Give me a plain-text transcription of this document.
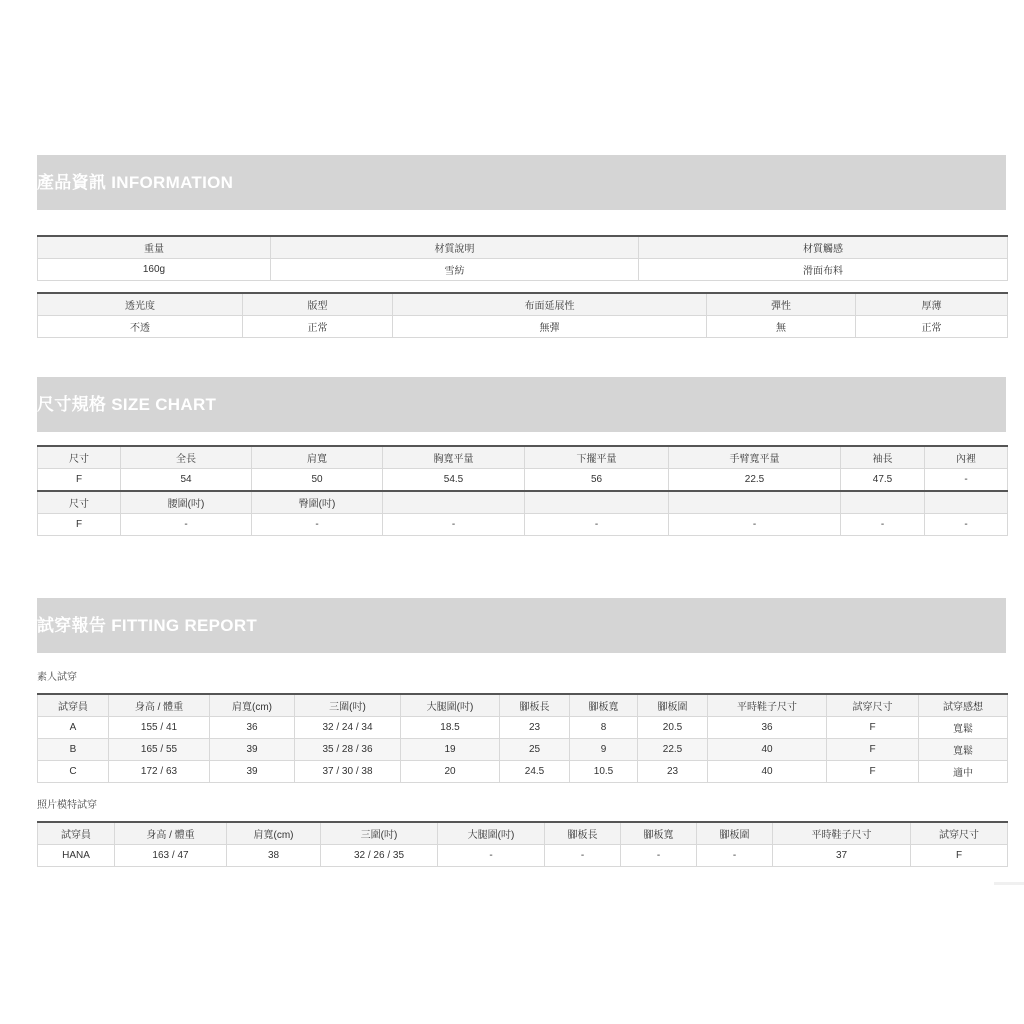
產品資訊 INFORMATION
重量	材質說明	材質觸感
160g	雪紡	滑面布料
透光度	版型	布面延展性	彈性	厚薄
不透	正常	無彈	無	正常
尺寸規格 SIZE CHART
尺寸	全長	肩寬	胸寬平量	下擺平量	手臂寬平量	袖長	內裡
F	54	50	54.5	56	22.5	47.5	-
尺寸	腰圍(吋)	臀圍(吋)					
F	-	-	-	-	-	-	-
試穿報告 FITTING REPORT
素人試穿
試穿員	身高 / 體重	肩寬(cm)	三圍(吋)	大腿圍(吋)	腳板長	腳板寬	腳板圍	平時鞋子尺寸	試穿尺寸	試穿感想
A	155 / 41	36	32 / 24 / 34	18.5	23	8	20.5	36	F	寬鬆
B	165 / 55	39	35 / 28 / 36	19	25	9	22.5	40	F	寬鬆
C	172 / 63	39	37 / 30 / 38	20	24.5	10.5	23	40	F	適中
照片模特試穿
試穿員	身高 / 體重	肩寬(cm)	三圍(吋)	大腿圍(吋)	腳板長	腳板寬	腳板圍	平時鞋子尺寸	試穿尺寸
HANA	163 / 47	38	32 / 26 / 35	-	-	-	-	37	F
